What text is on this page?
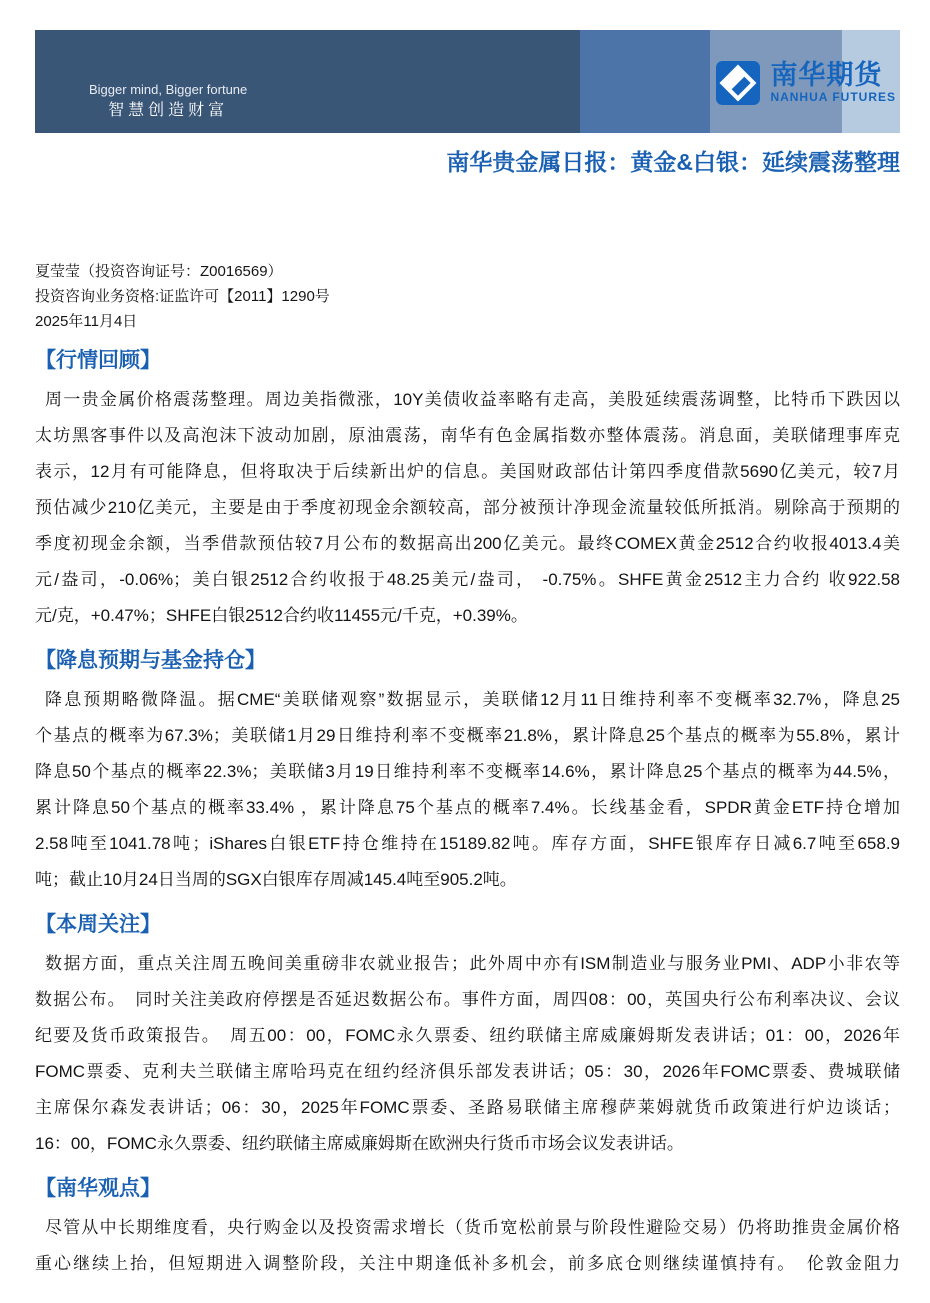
Bigger mind, Bigger fortune
智慧创造财富
南华期货
NANHUA FUTURES
南华贵金属日报：黄金&白银：延续震荡整理
夏莹莹（投资咨询证号：Z0016569）
投资咨询业务资格:证监许可【2011】1290号
2025年11月4日
【行情回顾】
周一贵金属价格震荡整理。周边美指微涨，10Y美债收益率略有走高，美股延续震荡调整，比特币下跌因以
太坊黑客事件以及高泡沫下波动加剧，原油震荡，南华有色金属指数亦整体震荡。消息面，美联储理事库克
表示，12月有可能降息，但将取决于后续新出炉的信息。美国财政部估计第四季度借款5690亿美元，较7月
预估减少210亿美元，主要是由于季度初现金余额较高，部分被预计净现金流量较低所抵消。剔除高于预期的
季度初现金余额，当季借款预估较7月公布的数据高出200亿美元。最终COMEX黄金2512合约收报4013.4美
元/盎司，-0.06%；美白银2512合约收报于48.25美元/盎司， -0.75%。SHFE黄金2512主力合约 收922.58
元/克，+0.47%；SHFE白银2512合约收11455元/千克，+0.39%。
【降息预期与基金持仓】
降息预期略微降温。据CME“美联储观察”数据显示，美联储12月11日维持利率不变概率32.7%，降息25
个基点的概率为67.3%；美联储1月29日维持利率不变概率21.8%，累计降息25个基点的概率为55.8%，累计
降息50个基点的概率22.3%；美联储3月19日维持利率不变概率14.6%，累计降息25个基点的概率为44.5%，
累计降息50个基点的概率33.4% ，累计降息75个基点的概率7.4%。长线基金看，SPDR黄金ETF持仓增加
2.58吨至1041.78吨；iShares白银ETF持仓维持在15189.82吨。库存方面，SHFE银库存日减6.7吨至658.9
吨；截止10月24日当周的SGX白银库存周减145.4吨至905.2吨。
【本周关注】
数据方面，重点关注周五晚间美重磅非农就业报告；此外周中亦有ISM制造业与服务业PMI、ADP小非农等
数据公布。　同时关注美政府停摆是否延迟数据公布。事件方面，周四08：00，英国央行公布利率决议、会议
纪要及货币政策报告。　周五00：00，FOMC永久票委、纽约联储主席威廉姆斯发表讲话；01：00，2026年
FOMC票委、克利夫兰联储主席哈玛克在纽约经济俱乐部发表讲话；05：30，2026年FOMC票委、费城联储
主席保尔森发表讲话；06：30，2025年FOMC票委、圣路易联储主席穆萨莱姆就货币政策进行炉边谈话；
16：00，FOMC永久票委、纽约联储主席威廉姆斯在欧洲央行货币市场会议发表讲话。
【南华观点】
尽管从中长期维度看，央行购金以及投资需求增长（货币宽松前景与阶段性避险交易）仍将助推贵金属价格
重心继续上抬，但短期进入调整阶段，关注中期逢低补多机会，前多底仓则继续谨慎持有。　伦敦金阻力
